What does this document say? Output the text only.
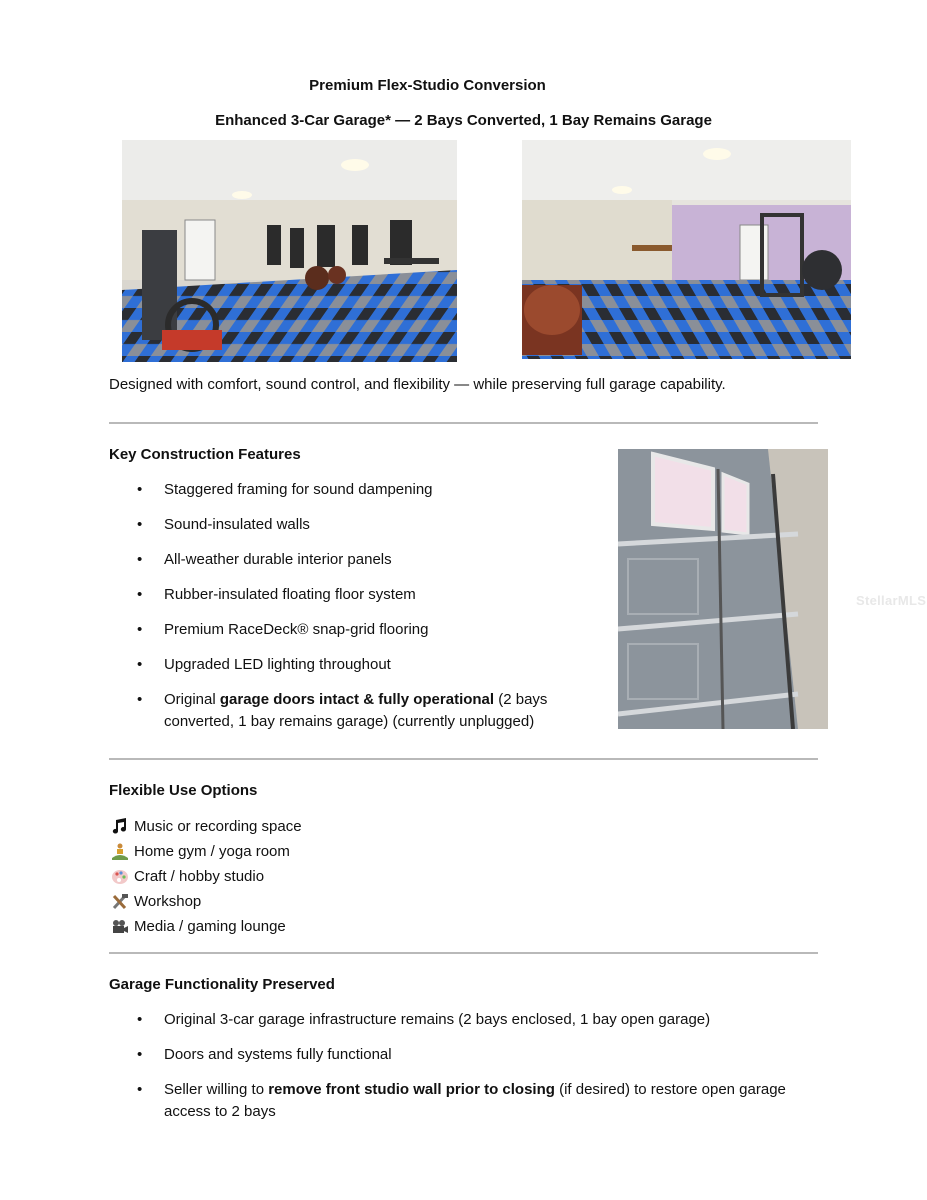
Premium Flex-Studio Conversion
Enhanced 3-Car Garage* — 2 Bays Converted, 1 Bay Remains Garage
Designed with comfort, sound control, and flexibility — while preserving full garage capability.
Key Construction Features
• Staggered framing for sound dampening
• Sound-insulated walls
• All-weather durable interior panels
• Rubber-insulated floating floor system
• Premium RaceDeck® snap-grid flooring
• Upgraded LED lighting throughout
• Original garage doors intact & fully operational (2 bays converted, 1 bay remains garage) (currently unplugged)
StellarMLS
Flexible Use Options
Music or recording space
Home gym / yoga room
Craft / hobby studio
Workshop
Media / gaming lounge
Garage Functionality Preserved
• Original 3-car garage infrastructure remains (2 bays enclosed, 1 bay open garage)
• Doors and systems fully functional
• Seller willing to remove front studio wall prior to closing (if desired) to restore open garage access to 2 bays
